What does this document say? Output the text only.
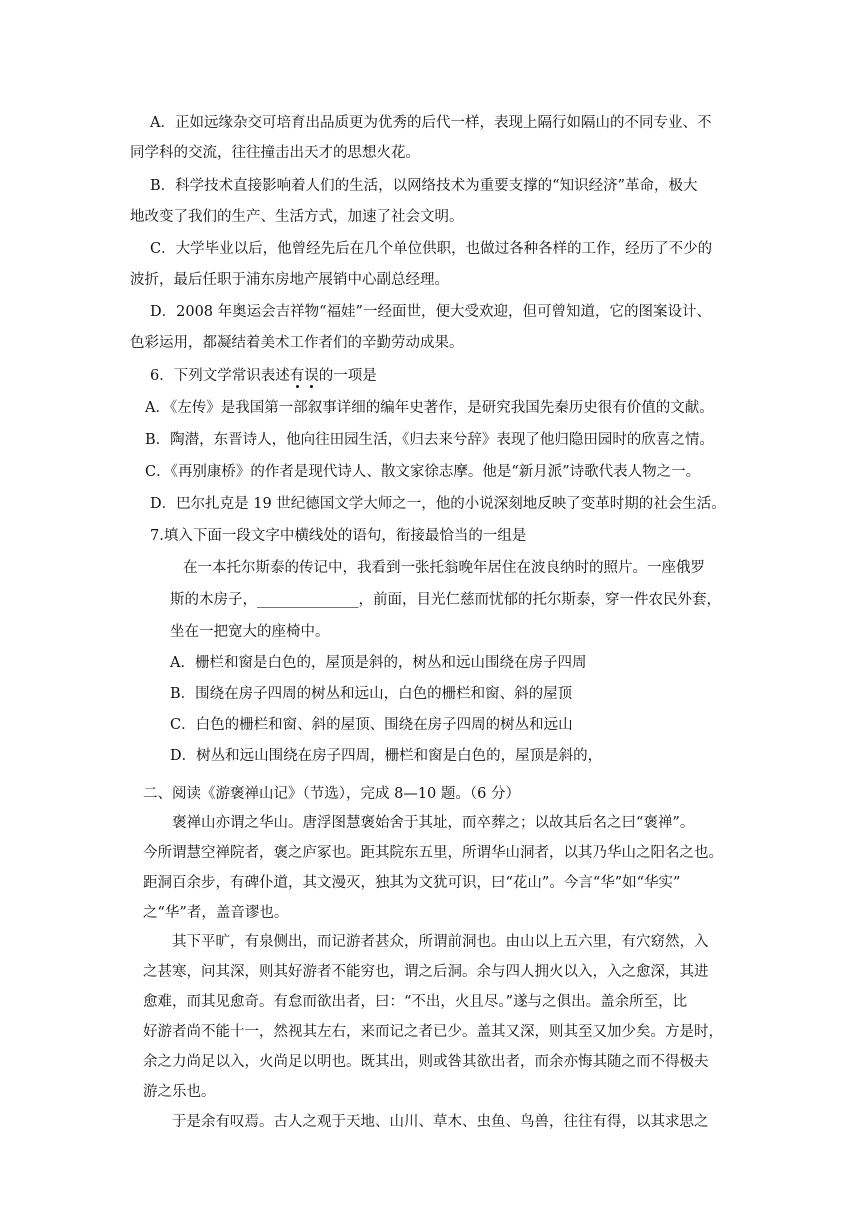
A．正如远缘杂交可培育出品质更为优秀的后代一样，表现上隔行如隔山的不同专业、不
同学科的交流，往往撞击出天才的思想火花。
B．科学技术直接影响着人们的生活，以网络技术为重要支撑的“知识经济”革命，极大
地改变了我们的生产、生活方式，加速了社会文明。
C．大学毕业以后，他曾经先后在几个单位供职，也做过各种各样的工作，经历了不少的
波折，最后任职于浦东房地产展销中心副总经理。
D．2008 年奥运会吉祥物“福娃”一经面世，便大受欢迎，但可曾知道，它的图案设计、
色彩运用，都凝结着美术工作者们的辛勤劳动成果。
6．下列文学常识表述有误的一项是
A．《左传》是我国第一部叙事详细的编年史著作，是研究我国先秦历史很有价值的文献。
B．陶潜，东晋诗人，他向往田园生活，《归去来兮辞》表现了他归隐田园时的欣喜之情。
C．《再别康桥》的作者是现代诗人、散文家徐志摩。他是“新月派”诗歌代表人物之一。
D．巴尔扎克是 19 世纪德国文学大师之一，他的小说深刻地反映了变革时期的社会生活。
7.填入下面一段文字中横线处的语句，衔接最恰当的一组是
在一本托尔斯泰的传记中，我看到一张托翁晚年居住在波良纳时的照片。一座俄罗
斯的木房子，______________，前面，目光仁慈而忧郁的托尔斯泰，穿一件农民外套，
坐在一把宽大的座椅中。
A．栅栏和窗是白色的，屋顶是斜的，树丛和远山围绕在房子四周
B．围绕在房子四周的树丛和远山，白色的栅栏和窗、斜的屋顶
C．白色的栅栏和窗、斜的屋顶、围绕在房子四周的树丛和远山
D．树丛和远山围绕在房子四周，栅栏和窗是白色的，屋顶是斜的，
二、阅读《游褒禅山记》（节选），完成 8—10 题。（6 分）
褒禅山亦谓之华山。唐浮图慧褒始舍于其址，而卒葬之；以故其后名之曰“褒禅”。
今所谓慧空禅院者，褒之庐冢也。距其院东五里，所谓华山洞者，以其乃华山之阳名之也。
距洞百余步，有碑仆道，其文漫灭，独其为文犹可识，曰“花山”。今言“华”如“华实”
之“华”者，盖音谬也。
其下平旷，有泉侧出，而记游者甚众，所谓前洞也。由山以上五六里，有穴窈然，入
之甚寒，问其深，则其好游者不能穷也，谓之后洞。余与四人拥火以入，入之愈深，其进
愈难，而其见愈奇。有怠而欲出者，曰：“不出，火且尽。”遂与之俱出。盖余所至，比
好游者尚不能十一，然视其左右，来而记之者已少。盖其又深，则其至又加少矣。方是时，
余之力尚足以入，火尚足以明也。既其出，则或咎其欲出者，而余亦悔其随之而不得极夫
游之乐也。
于是余有叹焉。古人之观于天地、山川、草木、虫鱼、鸟兽，往往有得，以其求思之
